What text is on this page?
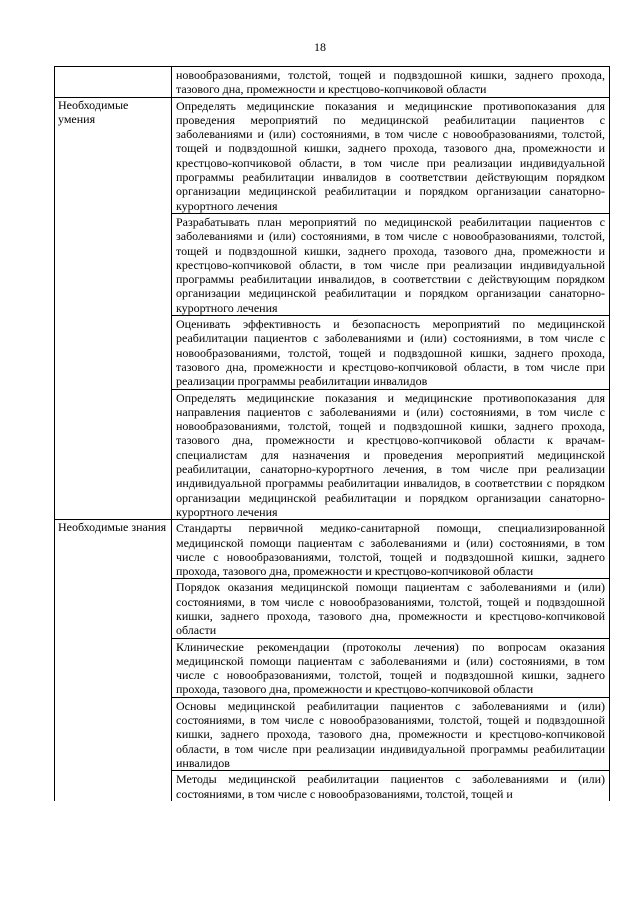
18
	новообразованиями, толстой, тощей и подвздошной кишки, заднего прохода, тазового дна, промежности и крестцово-копчиковой области
Необходимые умения	Определять медицинские показания и медицинские противопоказания для проведения мероприятий по медицинской реабилитации пациентов с заболеваниями и (или) состояниями, в том числе с новообразованиями, толстой, тощей и подвздошной кишки, заднего прохода, тазового дна, промежности и крестцово-копчиковой области, в том числе при реализации индивидуальной программы реабилитации инвалидов в соответствии действующим порядком организации медицинской реабилитации и порядком организации санаторно-курортного лечения
	Разрабатывать план мероприятий по медицинской реабилитации пациентов с заболеваниями и (или) состояниями, в том числе с новообразованиями, толстой, тощей и подвздошной кишки, заднего прохода, тазового дна, промежности и крестцово-копчиковой области, в том числе при реализации индивидуальной программы реабилитации инвалидов, в соответствии с действующим порядком организации медицинской реабилитации и порядком организации санаторно-курортного лечения
	Оценивать эффективность и безопасность мероприятий по медицинской реабилитации пациентов с заболеваниями и (или) состояниями, в том числе с новообразованиями, толстой, тощей и подвздошной кишки, заднего прохода, тазового дна, промежности и крестцово-копчиковой области, в том числе при реализации программы реабилитации инвалидов
	Определять медицинские показания и медицинские противопоказания для направления пациентов с заболеваниями и (или) состояниями, в том числе с новообразованиями, толстой, тощей и подвздошной кишки, заднего прохода, тазового дна, промежности и крестцово-копчиковой области к врачам-специалистам для назначения и проведения мероприятий медицинской реабилитации, санаторно-курортного лечения, в том числе при реализации индивидуальной программы реабилитации инвалидов, в соответствии с порядком организации медицинской реабилитации и порядком организации санаторно-курортного лечения
Необходимые знания	Стандарты первичной медико-санитарной помощи, специализированной медицинской помощи пациентам с заболеваниями и (или) состояниями, в том числе с новообразованиями, толстой, тощей и подвздошной кишки, заднего прохода, тазового дна, промежности и крестцово-копчиковой области
	Порядок оказания медицинской помощи пациентам с заболеваниями и (или) состояниями, в том числе с новообразованиями, толстой, тощей и подвздошной кишки, заднего прохода, тазового дна, промежности и крестцово-копчиковой области
	Клинические рекомендации (протоколы лечения) по вопросам оказания медицинской помощи пациентам с заболеваниями и (или) состояниями, в том числе с новообразованиями, толстой, тощей и подвздошной кишки, заднего прохода, тазового дна, промежности и крестцово-копчиковой области
	Основы медицинской реабилитации пациентов с заболеваниями и (или) состояниями, в том числе с новообразованиями, толстой, тощей и подвздошной кишки, заднего прохода, тазового дна, промежности и крестцово-копчиковой области, в том числе при реализации индивидуальной программы реабилитации инвалидов
	Методы медицинской реабилитации пациентов с заболеваниями и (или) состояниями, в том числе с новообразованиями, толстой, тощей и
